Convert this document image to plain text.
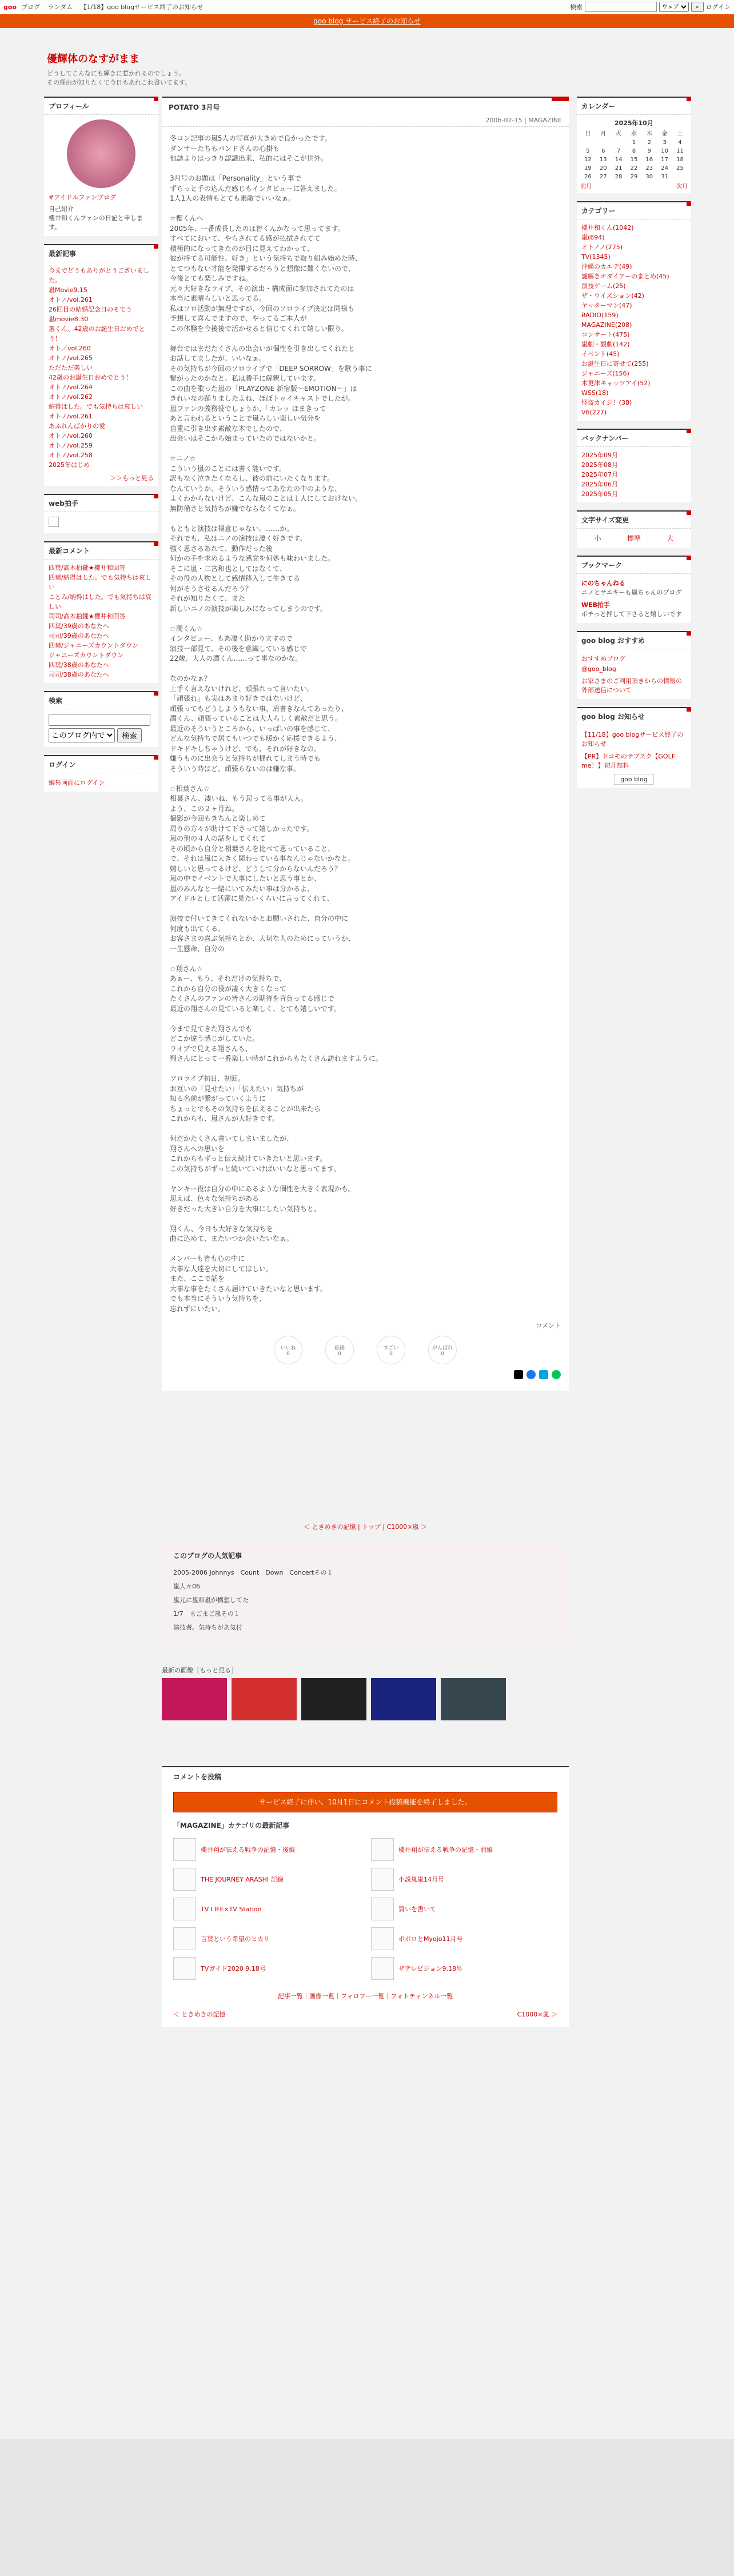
goo ブログ ランダム 【1/18】goo blogサービス終了のお知らせ	検索
ウェブ	⌕	ログイン
goo blog サービス終了のお知らせ
優輝体のなすがまま
どうしてこんなにも輝きに惹かれるのでしょう。
その理由が知りたくて今日もあれこれ書いてます。
プロフィール
#アイドルファンブログ
自己紹介
櫻井和くんファンの日記と申します。
最新記事
今までどうもありがとうございました。
嵐Movie9.15
オトノ/vol.261
26回目の結婚記念日のそてう
嵐movie8.30
選くん、42歳のお誕生日おめでとう！
オト／vol.260
オトノ/vol.265
ただただ楽しい
42歳のお誕生日おめでとう！
オトノ/vol.264
オトノ/vol.262
納得はした。でも気持ちは哀しい
オトノ/vol.261
あふれんばかりの愛
オトノ/vol.260
オトノ/vol.259
オトノ/vol.258
2025年はじめ
＞＞もっと見る
web拍手
最新コメント
四葉/高木拍鍵★櫻井和回答
四葉/納得はした。でも気持ちは哀しい
ことみ/納得はした。でも気持ちは哀しい
司司/高木拍鍵★櫻井和回答
四葉/39歳のあなたへ
司司/39歳のあなたへ
四葉/ジャニーズカウントダウン
ジャニーズカウントダウン
四葉/38歳のあなたへ
司司/38歳のあなたへ
検索
このブログ内で
検索
ログイン
編集画面にログイン
POTATO 3月号
2006-02-15 | MAGAZINE
冬コン記事の嵐5人の写真が大きめで良かったです。
ダンサーたちもバンドさんの心掛も
他誌よりはっきり認識出来、私的にはそこが世外。

3月号のお題は「Personality」という事で
ずらっと手の込んだ感じもインタビューに答えました。
1人1人の表情もとても素敵でいいなぁ。

☆櫻くんへ
2005年、一番成長したのは智くんかなって思ってます。
すべてにおいて、やらされてる感が払拭されてて
積極的になってきたのが目に見えてわかって、
彼が持てる可能性、好き」という気持ちで取り組み始めた時、
とてつもない才能を発揮するだろうと想像に難くないので、
今後とても楽しみですね。
元々大好きなライブ、その演出・構成面に参加されてたのは
本当に素晴らしいと思ってる。
私はソロ活動が無理ですが、今回のソロライブ決定は同様も
予想して喜んでますので、やってるご本人が
この体験を今後後で活かせると信じてくれて嬉しい限り。

舞台ではまだたくさんの出会いが個性を引き出してくれたと
お話してましたが、いいなぁ。
その気持ちが今回のソロライブで「DEEP SORROW」を歌う事に
繋がったのかなと、私は勝手に解釈しています。
この曲を歌った嵐の「PLAYZONE 新宿版〜EMOTION〜」は
きれいなの踊りましたよね、ほぼトゥイキャストでしたが。
嵐ファンの義務役でしょうか、「カレッ ほまきって
あと言われるということで嵐らしい楽しい気分を
自重に引き出す素敵な木でしたので、
出会いはそこから始まっていたのではないかと。

☆ニノ☆
こういう嵐のことには書く能いです。
訳もなく泣きたくなるし、彼の前にいたくなります。
なんていうか、そういう感情ってあなたの中のような、
よくわからないけど、こんな嵐のことは１人にしておけない。
無防備さと気持ちが嫌でならなくてなぁ。

もともと演技は得意じゃない。……か。
それでも、私はニノの演技は凄く好きです。
強く思さるあれて、動作だった後
何かの手を求めるような感覚を何処も味わいました。
そこに嵐・二宮和也としてはなくて、
その役の人物として感情移入して生きてる
何がそうさせるんだろう？
それが知りたくて、また
新しいニノの演技が楽しみになってしまうのです。

☆潤くん☆
インタビュー、もあ凄く助かりますので
演技一部見て、その後を意識している感じで
22歳。大人の潤くん……って事なのかな。

なのかなぁ？
上手く言えないけれど、頑張れって言いたい。
「頑張れ」も実はあまり好きではないけど、
頑張ってもどうしようもない事、肩書きなんてあったり、
潤くん、頑張っていることは大人らしく素敵だと思う。
最近のそういうところから、いっぱいの事を感じて、
どんな気持ちで居てもいつでも暖かく応援できるよう、
ドキドキしちゃうけど、でも、それが好きなの。
嫌うものに出会うと気持ちが揺れてしまう時でも
そういう時ほど、頑張らないのは嫌な事。

☆相葉さん☆
相葉さん、凄いね、もう思ってる事が大人。
よう、この２ヶ月ね。
撮影が今回もきちんと楽しめて
周りの方々が助けて下さって嬉しかったです。
嵐の他の４人の話をしてくれて
その頃から自分と相葉さんを比べて思っていること、
で、それは嵐に大きく関わっている事なんじゃないかなと。
嬉しいと思ってるけど、どうして分からないんだろう？
嵐の中でイベントで大事にしたいと思う事とか、
嵐のみんなと一緒にいてみたい事は分かるよ、
アイドルとして活躍に見たいくらいに言ってくれて、

演技で付いてきてくれないかとお願いされた、自分の中に
何度も出てくる。
お客さまの喜ぶ気持ちとか、大切な人のためにっていうか、
一生懸命、自分の

☆翔さん☆
あぁー、もう、それだけの気持ちで、
これから自分の役が凄く大きくなって
たくさんのファンの皆さんの期待を背負ってる感じで
最近の翔さんの見ていると楽しく、とても嬉しいです。

今まで見てきた翔さんでも
どこか違う感じがしていた。
ライブで見える翔さんも、
翔さんにとって一番楽しい時がこれからもたくさん訪れますように。

ソロライブ初日、初回。
お互いの「見せたい」「伝えたい」気持ちが
知る名前が繋がっていくように
ちょっとでもその気持ちを伝えることが出来たら
これからも、嵐さんが大好きです。

何だかたくさん書いてしまいましたが、
翔さんへの思いを
これからもずっと伝え続けていきたいと思います。
この気持ちがずっと続いていけばいいなと思ってます。

ヤンキー役は自分の中にあるような個性を大きく表現かも。
思えば、色々な気持ちがある
好きだった大きい自分を大事にしたい気持ちと、

翔くん、今日も大好きな気持ちを
曲に込めて、またいつか会いたいなぁ。

メンバーも皆も心の中に
大事な人達を大切にしてほしい。
また、ここで話を
大事な事をたくさん届けていきたいなと思います。
でも本当にそういう気持ちを、
忘れずにいたい。
コメント
いいね
0
応援
0
すごい
0
がんばれ
0
＜ ときめきの記憶 | トップ | C1000×嵐 ＞
このブログの人気記事
2005-2006 Johnnys　Count　Down　Concertその１
嵐人＃06
嵐元に嵐和嵐が構想してた
1/7　まごまご嵐その１
演技者。気持ちがあ気付
最新の画像［もっと見る］
コメントを投稿
サービス終了に伴い、10月1日にコメント投稿機能を終了しました。
「MAGAZINE」カテゴリの最新記事
櫻井翔が伝える戦争の記憶・後編	櫻井翔が伝える戦争の記憶・前編
THE JOURNEY ARASHI 記録	小説嵐嵐14月号
TV LIFE×TV Station	買いを書いて
言葉という希望のヒカリ	ポポロとMyojo11月号
TVガイド2020 9.18号	ザテレビジョン9.18号
記事一覧｜画像一覧｜フォロワー一覧｜フォトチャンネル一覧
＜ ときめきの記憶	C1000×嵐 ＞
カレンダー
2025年10月
日	月	火	水	木	金	土
			1	2	3	4
5	6	7	8	9	10	11
12	13	14	15	16	17	18
19	20	21	22	23	24	25
26	27	28	29	30	31	
前月	次月
カテゴリー
櫻井和くん(1042)
嵐(694)
オトノノ(275)
TV(1345)
沖縄のカエデ(49)
謎解きオダイアーのまとめ(45)
演技ゲーム(25)
ザ・ウイズション(42)
ヤッターマン(47)
RADIO(159)
MAGAZINE(208)
コンサート(475)
嵐劇・観劇(142)
イベント(45)
お誕生日に寄せて(255)
ジャニーズ(156)
木更津キャッツアイ(52)
WSS(18)
怪盗カイジ！(38)
V6(227)
バックナンバー
2025年09月
2025年08月
2025年07月
2025年06月
2025年05月
文字サイズ変更
小	標準	大
ブックマーク
にのちゃんねる
ニノとサエキーも嵐ちゃんのブログ
WEB拍手
ポチっと押して下さると嬉しいです
goo blog おすすめ
おすすめブログ
@goo_blog
お家さまのご利用頂きからの情報の外部送信について
goo blog お知らせ
【11/18】goo blogサービス終了のお知らせ
【PR】ドコモのサブスク【GOLF me！】初月無料
goo blog
